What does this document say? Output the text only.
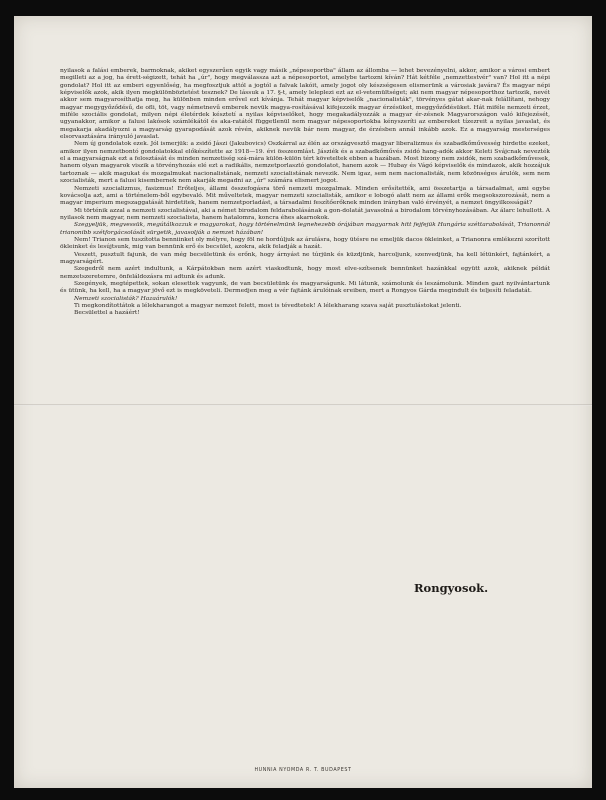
nyilasok a falási emberek, barmoknak, akiket egyszerűen egyik vagy másik „népesoportba" állam az állomba — lehet bevezényelni, akkor, amikor a városi embert megilleti az a jog, ha érett-ségizett, tehát ha „úr", hogy megválassza azt a népesoportot, amelybe tartozni kíván? Hát kétféle „nemzettestvér" van? Hol itt a népi gondolat? Hol itt az emberi egyenlőség, ha megfosztjuk attól a jogtól a falvak lakóit, amely jogot oly készségesen elismerünk a városiak javára? És magyar népi képviselők azok, akik ilyen megkülönböztetést tesznek? De lássuk a 17. §-t, amely leleplezi ezt az el-vetemültséget; aki nem magyar népesoporthoz tartozik, nevét akkor sem magyarosíthatja meg, ha különben minden erővel ezt kívánja. Tehát magyar képviselők „nacionalisták", törvényes gátat akar-nak felállítani, nehogy magyar megygyőződésű, de ofli, töt, vagy németnevű emberek nevük magya-rosításával kifejezzék magyar érzésüket, meggyőződésüket. Hát miféle nemzeti érzet, miféle szociális gondolat, milyen népi életérdek késztetí a nyilas képviselőket, hogy megakadályozzák a magyar ér-zésnek Magyarországon való kifejezését, ugyanakkor, amikor a falusi lakósok számlékától és aka-ratától függetlenül nem magyar népesoportokba kényszeríti az embereket tízezreit a nyilas javaslat, és megakarja akadályozni a magyarság gyarapodását azok révén, akiknek nevük bár nem magyar, de érzésben annál inkább azok. Ez a magyarság mesterséges elsorvasztására irányuló javaslat.

Nem új gondolatok ezek. Jól ismerjük: a zsidó Jászi (Jakubovics) Oszkárral az élén az országvesztő magyar liberalizmus és szabadkőművesség hirdette ezeket, amikor ilyen nemzetbontó gondolatokkal előkészítette az 1918—19. évi összeomlást. Jásziék és a szabadkőművés zsidó hang-adók akkor Keleti Svájcnak nevezték el a magyarságnak ezt a felosztását és minden nemzetiség szá-mára külön-külön tért követeltek ebben a hazában. Most bizony nem zsidók, nem szabadkőművesek, hanem olyan magyarok viszik a törvényhozás elé ezt a radikális, nemzetporlasztó gondolatot, hanem azok — Hubay és Vágó képviselők és mindazok, akik hozzájuk tartoznak — akik magukat és mozgalmukat nacionalistának, nemzeti szocialistának nevezik. Nem igaz, sem nem nacionalisták, nem közönséges árulók, sem nem szocialisták, mert a falusi kisembernek nem akarják megadni az „úr" számára elismert jogot.

Nemzeti szocializmus, fasizmus! Erőteljes, állami összefogásra törő nemzeti mozgalmak. Minden erősítették, ami összetartja a társadalmat, ami egybe kovácsolja azt, ami a történelem-ből egybevaló. Mit műveltetek, magyar nemzeti szocialisták, amikor e lobogó alatt nem az állami erők megsokszorozását, nem a magyar imperium megszaggatását hirdetitek, hanem nemzetporladást, a társadalmi feszítőerőknek minden irányban való érvényét, a nemzet öngyilkosságát?

Mi történik azzal a nemzeti szocialistával, aki a német birodalom feldarabolásának a gon-dolatát javasolná a birodalom törvényhozásában. Az álarc lehullott. A nyilasok nem magyar, nem nemzeti szocialista, hanem hatalomra, koncra éhes akarnokok.

Szegyeljük, megvessük, megútálkozzuk e magyarokat, hogy történelmünk legnehezebb órájában magyarnak hitt fejfejük Hungária széttarabolását, Trianonnál trianonibb szétforgácsolását sürgetik, javasolják a nemzet házában!

Nem! Trianon sem tuszította benniinket oly mélyre, hogy föl ne hordúljuk az árulásra, hogy ütésre ne emeljük dacos ökleinket, a Trianonra emlékezni szorított ökleinket és lesújtsunk, mig van bennünk erő és becsület, azokra, akik feladják a hazát.

Veszett, pusztult fajunk, de van még becsületünk és erőnk, hogy árnyást ne túrjünk és küzdjünk, harcoljunk, szenvedjünk, ha kell létünkért, fajtánkért, a magyarságért.

Szegedről nem azért indultunk, a Kárpátokban nem azért viaskodtunk, hogy most elve-szítsenek bennünket hazánkkal együtt azok, akiknek példát nemzetszeretemre, önfeláldozásra mi adtunk és adunk.

Szegények, megtépettek, sokan elesettek vagyunk, de van becsületünk és magyarságunk. Mi látunk, számolunk és leszámolunk. Minden gazt nyilvántartunk és ütünk, ha kell, ha a magyar jövő ezt is megköveteli. Dermedjen meg a vér fajtánk árulóinak ereiben, mert a Rongyos Gárda megindult és teljesíti feladatát.

Nemzeti szocialisták? Hazaárulók!

Ti megkondítottátok a lélekharangot a magyar nemzet felett, most is tévedtetek! A lélekharang szava saját pusztulástokat jelenti.

Becsülettel a hazáért!

Rongyosok.
HUNNIA NYOMDA R. T. BUDAPEST
